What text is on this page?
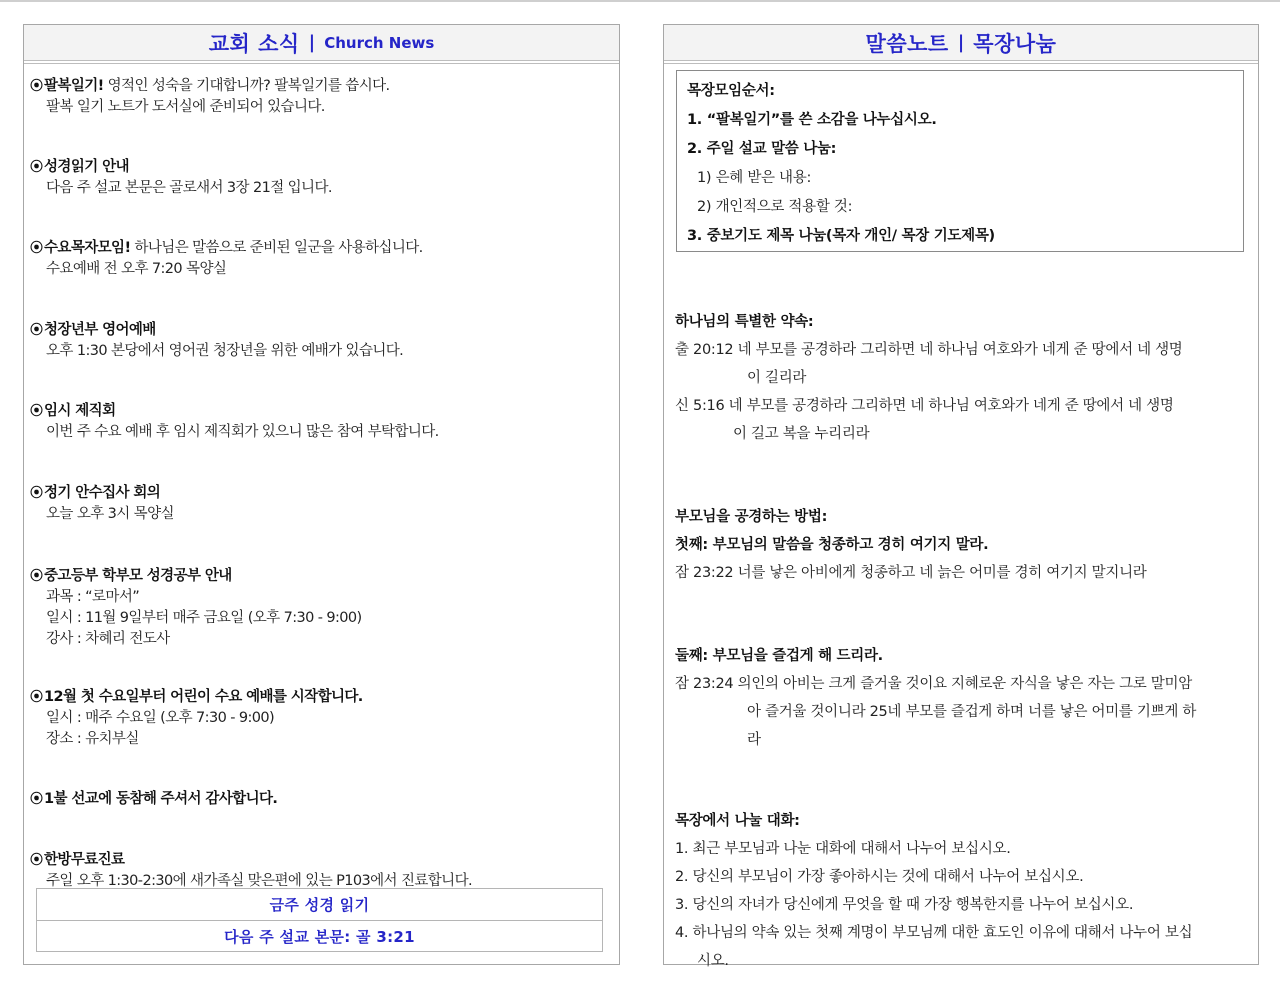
교회 소식 | Church News
⦿ 팔복일기! 영적인 성숙을 기대합니까? 팔복일기를 씁시다.
팔복 일기 노트가 도서실에 준비되어 있습니다.
⦿ 성경읽기 안내
다음 주 설교 본문은 골로새서 3장 21절 입니다.
⦿ 수요목자모임! 하나님은 말씀으로 준비된 일군을 사용하십니다.
수요예배 전 오후 7:20 목양실
⦿ 청장년부 영어예배
오후 1:30 본당에서 영어권 청장년을 위한 예배가 있습니다.
⦿ 임시 제직회
이번 주 수요 예배 후 임시 제직회가 있으니 많은 참여 부탁합니다.
⦿ 정기 안수집사 회의
오늘 오후 3시 목양실
⦿ 중고등부 학부모 성경공부 안내
과목 : “로마서”
일시 : 11월 9일부터 매주 금요일 (오후 7:30 - 9:00)
강사 : 차혜리 전도사
⦿ 12월 첫 수요일부터 어린이 수요 예배를 시작합니다.
일시 : 매주 수요일 (오후 7:30 - 9:00)
장소 : 유치부실
⦿ 1불 선교에 동참해 주셔서 감사합니다.
⦿ 한방무료진료
주일 오후 1:30-2:30에 새가족실 맞은편에 있는 P103에서 진료합니다.
금주 성경 읽기
다음 주 설교 본문: 골 3:21
말씀노트 | 목장나눔
목장모임순서:
1. “팔복일기”를 쓴 소감을 나누십시오.
2. 주일 설교 말씀 나눔:
1) 은혜 받은 내용:
2) 개인적으로 적용할 것:
3. 중보기도 제목 나눔(목자 개인/ 목장 기도제목)
하나님의 특별한 약속:
출 20:12 네 부모를 공경하라 그리하면 네 하나님 여호와가 네게 준 땅에서 네 생명
이 길리라
신 5:16 네 부모를 공경하라 그리하면 네 하나님 여호와가 네게 준 땅에서 네 생명
이 길고 복을 누리리라
부모님을 공경하는 방법:
첫째: 부모님의 말씀을 청종하고 경히 여기지 말라.
잠 23:22 너를 낳은 아비에게 청종하고 네 늙은 어미를 경히 여기지 말지니라
둘째: 부모님을 즐겁게 해 드리라.
잠 23:24 의인의 아비는 크게 즐거울 것이요 지혜로운 자식을 낳은 자는 그로 말미암
아 즐거울 것이니라 25네 부모를 즐겁게 하며 너를 낳은 어미를 기쁘게 하
라
목장에서 나눌 대화:
1. 최근 부모님과 나눈 대화에 대해서 나누어 보십시오.
2. 당신의 부모님이 가장 좋아하시는 것에 대해서 나누어 보십시오.
3. 당신의 자녀가 당신에게 무엇을 할 때 가장 행복한지를 나누어 보십시오.
4. 하나님의 약속 있는 첫째 계명이 부모님께 대한 효도인 이유에 대해서 나누어 보십
시오.
